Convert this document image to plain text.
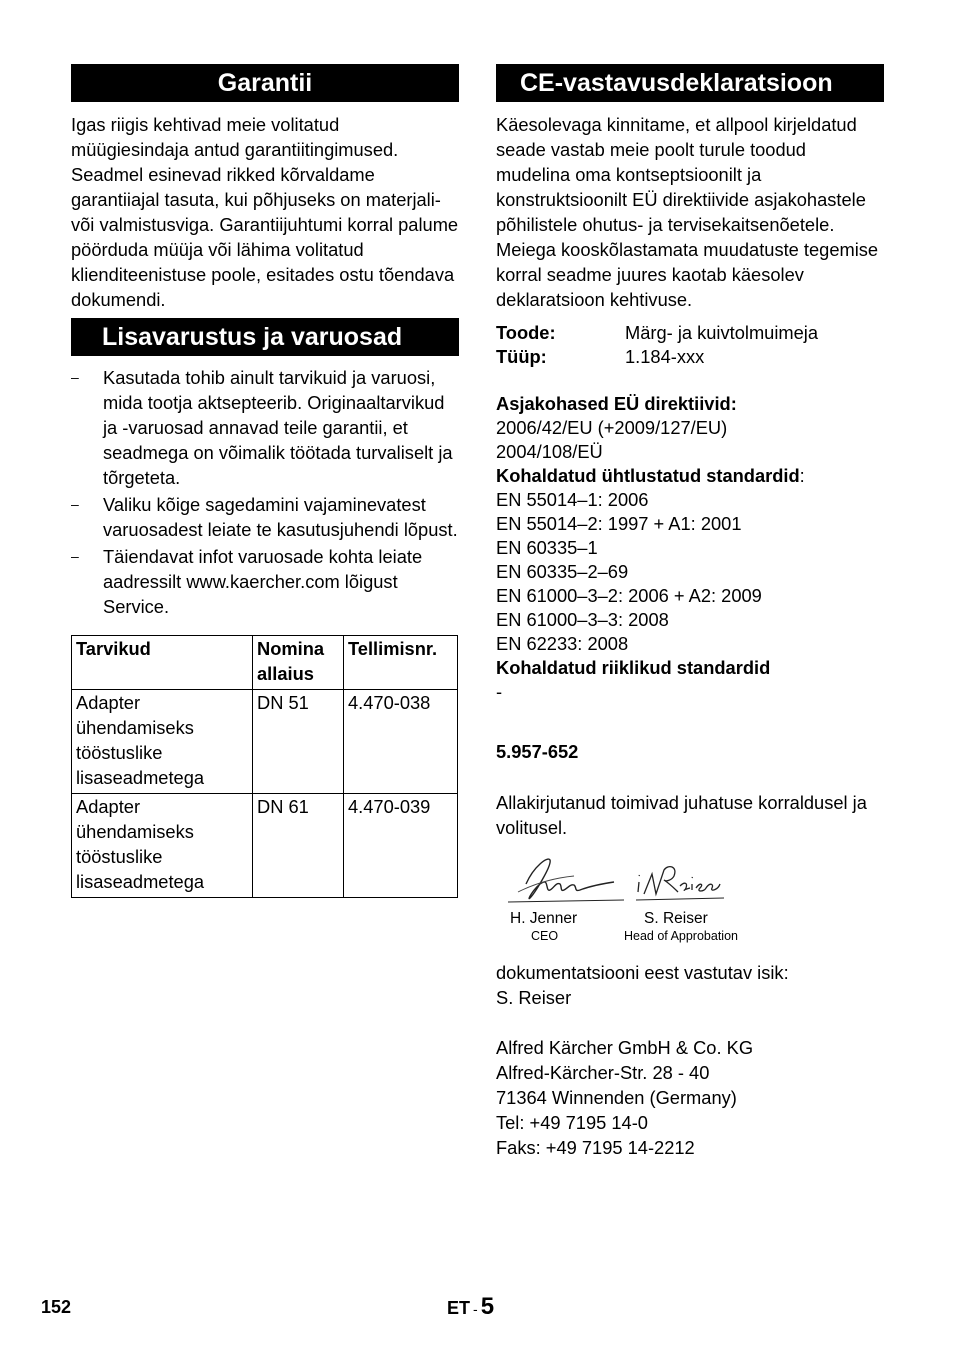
Garantii

Igas riigis kehtivad meie volitatud müügiesindaja antud garantiitingimused. Seadmel esinevad rikked kõrvaldame garantiiajal tasuta, kui põhjuseks on materjali- või valmistusviga. Garantiijuhtumi korral palume pöörduda müüja või lähima volitatud klienditeenistuse poole, esitades ostu tõendava dokumendi.

Lisavarustus ja varuosad
–	Kasutada tohib ainult tarvikuid ja varuosi, mida tootja aktsepteerib. Originaaltarvikud ja -varuosad annavad teile garantii, et seadmega on võimalik töötada turvaliselt ja tõrgeteta.
–	Valiku kõige sagedamini vajaminevatest varuosadest leiate te kasutusjuhendi lõpust.
–	Täiendavat infot varuosade kohta leiate aadressilt www.kaercher.com lõigust Service.
Tarvikud	Nomina allaius	Tellimisnr.
Adapter ühendamiseks tööstuslike lisaseadmetega	DN 51	4.470-038
Adapter ühendamiseks tööstuslike lisaseadmetega	DN 61	4.470-039
CE-vastavusdeklaratsioon

Käesolevaga kinnitame, et allpool kirjeldatud seade vastab meie poolt turule toodud mudelina oma kontseptsioonilt ja konstruktsioonilt EÜ direktiivide asjakohastele põhilistele ohutus- ja tervisekaitsenõetele. Meiega kooskõlastamata muudatuste tegemise korral seadme juures kaotab käesolev deklaratsioon kehtivuse.

Toode:	Märg- ja kuivtolmuimeja
Tüüp:	1.184-xxx
Asjakohased EÜ direktiivid:
2006/42/EU (+2009/127/EU)
2004/108/EÜ
Kohaldatud ühtlustatud standardid:
EN 55014–1: 2006
EN 55014–2: 1997 + A1: 2001
EN 60335–1
EN 60335–2–69
EN 61000–3–2: 2006 + A2: 2009
EN 61000–3–3: 2008
EN 62233: 2008
Kohaldatud riiklikud standardid
-
5.957-652

Allakirjutanud toimivad juhatuse korraldusel ja volitusel.

H. Jenner
CEO
S. Reiser
Head of Approbation
dokumentatsiooni eest vastutav isik:
S. Reiser
Alfred Kärcher GmbH & Co. KG
Alfred-Kärcher-Str. 28 - 40
71364 Winnenden (Germany)
Tel: +49 7195 14-0
Faks: +49 7195 14-2212
152	ET - 5
